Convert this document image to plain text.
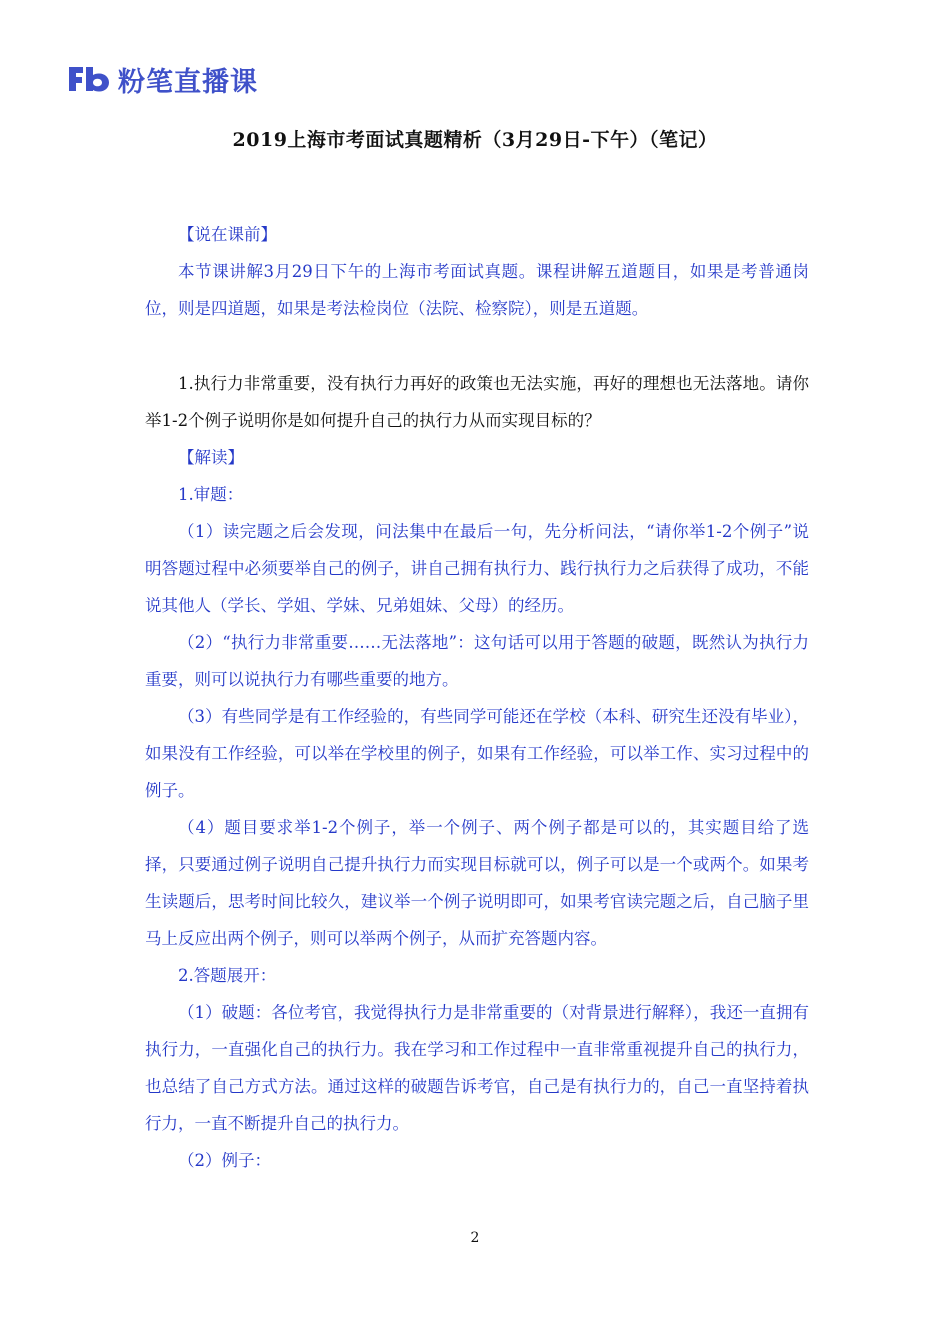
粉笔直播课
2019上海市考面试真题精析（3月29日-下午）（笔记）

【说在课前】

本节课讲解3月29日下午的上海市考面试真题。课程讲解五道题目，如果是考普通岗位，则是四道题，如果是考法检岗位（法院、检察院），则是五道题。

1.执行力非常重要，没有执行力再好的政策也无法实施，再好的理想也无法落地。请你举1-2个例子说明你是如何提升自己的执行力从而实现目标的？

【解读】

1.审题：

（1）读完题之后会发现，问法集中在最后一句，先分析问法，“请你举1-2个例子”说明答题过程中必须要举自己的例子，讲自己拥有执行力、践行执行力之后获得了成功，不能说其他人（学长、学姐、学妹、兄弟姐妹、父母）的经历。

（2）“执行力非常重要……无法落地”：这句话可以用于答题的破题，既然认为执行力重要，则可以说执行力有哪些重要的地方。

（3）有些同学是有工作经验的，有些同学可能还在学校（本科、研究生还没有毕业），如果没有工作经验，可以举在学校里的例子，如果有工作经验，可以举工作、实习过程中的例子。

（4）题目要求举1-2个例子，举一个例子、两个例子都是可以的，其实题目给了选择，只要通过例子说明自己提升执行力而实现目标就可以，例子可以是一个或两个。如果考生读题后，思考时间比较久，建议举一个例子说明即可，如果考官读完题之后，自己脑子里马上反应出两个例子，则可以举两个例子，从而扩充答题内容。

2.答题展开：

（1）破题：各位考官，我觉得执行力是非常重要的（对背景进行解释），我还一直拥有执行力，一直强化自己的执行力。我在学习和工作过程中一直非常重视提升自己的执行力，也总结了自己方式方法。通过这样的破题告诉考官，自己是有执行力的，自己一直坚持着执行力，一直不断提升自己的执行力。

（2）例子：

2
